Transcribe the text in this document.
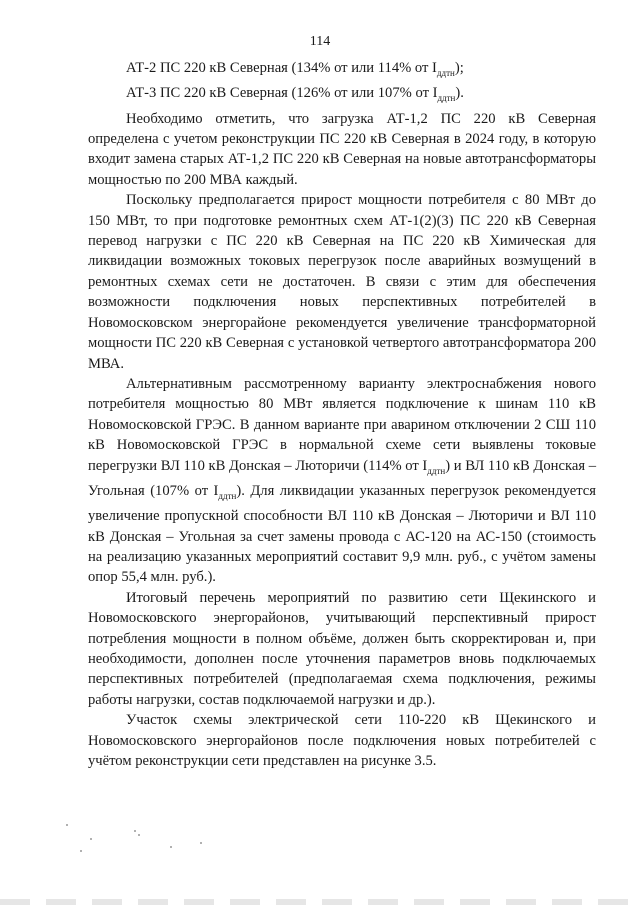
114

АТ-2 ПС 220 кВ Северная (134% от или 114% от $I_{ддтн}$);

АТ-3 ПС 220 кВ Северная (126% от или 107% от $I_{ддтн}$).

Необходимо отметить, что загрузка АТ-1,2 ПС 220 кВ Северная определена с учетом реконструкции ПС 220 кВ Северная в 2024 году, в которую входит замена старых АТ-1,2 ПС 220 кВ Северная на новые автотрансформаторы мощностью по 200 МВА каждый.

Поскольку предполагается прирост мощности потребителя с 80 МВт до 150 МВт, то при подготовке ремонтных схем АТ-1(2)(3) ПС 220 кВ Северная перевод нагрузки с ПС 220 кВ Северная на ПС 220 кВ Химическая для ликвидации возможных токовых перегрузок после аварийных возмущений в ремонтных схемах сети не достаточен. В связи с этим для обеспечения возможности подключения новых перспективных потребителей в Новомосковском энергорайоне рекомендуется увеличение трансформаторной мощности ПС 220 кВ Северная с установкой четвертого автотрансформатора 200 МВА.

Альтернативным рассмотренному варианту электроснабжения нового потребителя мощностью 80 МВт является подключение к шинам 110 кВ Новомосковской ГРЭС. В данном варианте при аварином отключении 2 СШ 110 кВ Новомосковской ГРЭС в нормальной схеме сети выявлены токовые перегрузки ВЛ 110 кВ Донская – Люторичи (114% от $I_{ддтн}$) и ВЛ 110 кВ Донская – Угольная (107% от $I_{ддтн}$). Для ликвидации указанных перегрузок рекомендуется увеличение пропускной способности ВЛ 110 кВ Донская – Люторичи и ВЛ 110 кВ Донская – Угольная за счет замены провода с АС-120 на АС-150 (стоимость на реализацию указанных мероприятий составит 9,9 млн. руб., с учётом замены опор 55,4 млн. руб.).

Итоговый перечень мероприятий по развитию сети Щекинского и Новомосковского энергорайонов, учитывающий перспективный прирост потребления мощности в полном объёме, должен быть скорректирован и, при необходимости, дополнен после уточнения параметров вновь подключаемых перспективных потребителей (предполагаемая схема подключения, режимы работы нагрузки, состав подключаемой нагрузки и др.).

Участок схемы электрической сети 110-220 кВ Щекинского и Новомосковского энергорайонов после подключения новых потребителей с учётом реконструкции сети представлен на рисунке 3.5.
